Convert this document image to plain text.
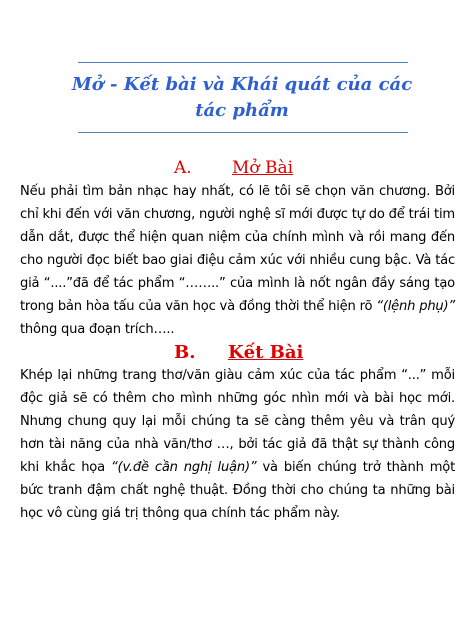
Mở - Kết bài và Khái quát của các tác phẩm
A. Mở Bài
Nếu phải tìm bản nhạc hay nhất, có lẽ tôi sẽ chọn văn chương. Bởi chỉ khi đến với văn chương, người nghệ sĩ mới được tự do để trái tim dẫn dắt, được thể hiện quan niệm của chính mình và rồi mang đến cho người đọc biết bao giai điệu cảm xúc với nhiều cung bậc. Và tác giả “....”đã để tác phẩm “……..” của mình là nốt ngân đầy sáng tạo trong bản hòa tấu của văn học và đồng thời thể hiện rõ “(lệnh phụ)” thông qua đoạn trích…..
B. Kết Bài
Khép lại những trang thơ/văn giàu cảm xúc của tác phẩm “...” mỗi độc giả sẽ có thêm cho mình những góc nhìn mới và bài học mới. Nhưng chung quy lại mỗi chúng ta sẽ càng thêm yêu và trân quý hơn tài năng của nhà văn/thơ …, bởi tác giả đã thật sự thành công khi khắc họa “(v.đề cần nghị luận)” và biến chúng trở thành một bức tranh đậm chất nghệ thuật. Đồng thời cho chúng ta những bài học vô cùng giá trị thông qua chính tác phẩm này.
